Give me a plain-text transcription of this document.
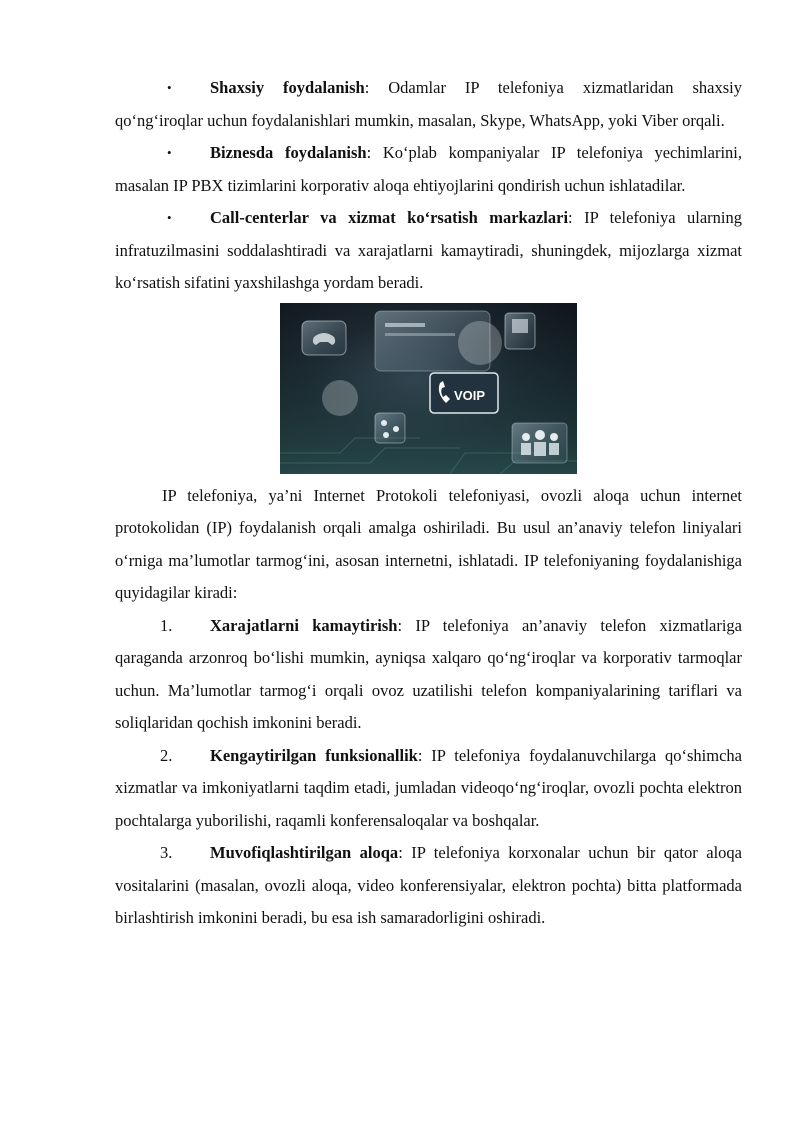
• Shaxsiy foydalanish: Odamlar IP telefoniya xizmatlaridan shaxsiy qo‘ng‘iroqlar uchun foydalanishlari mumkin, masalan, Skype, WhatsApp, yoki Viber orqali.

• Biznesda foydalanish: Ko‘plab kompaniyalar IP telefoniya yechimlarini, masalan IP PBX tizimlarini korporativ aloqa ehtiyojlarini qondirish uchun ishlatadilar.

• Call-centerlar va xizmat ko‘rsatish markazlari: IP telefoniya ularning infratuzilmasini soddalashtiradi va xarajatlarni kamaytiradi, shuningdek, mijozlarga xizmat ko‘rsatish sifatini yaxshilashga yordam beradi.

VOIP

IP telefoniya, ya’ni Internet Protokoli telefoniyasi, ovozli aloqa uchun internet protokolidan (IP) foydalanish orqali amalga oshiriladi. Bu usul an’anaviy telefon liniyalari o‘rniga ma’lumotlar tarmog‘ini, asosan internetni, ishlatadi. IP telefoniyaning foydalanishiga quyidagilar kiradi:

1. Xarajatlarni kamaytirish: IP telefoniya an’anaviy telefon xizmatlariga qaraganda arzonroq bo‘lishi mumkin, ayniqsa xalqaro qo‘ng‘iroqlar va korporativ tarmoqlar uchun. Ma’lumotlar tarmog‘i orqali ovoz uzatilishi telefon kompaniyalarining tariflari va soliqlaridan qochish imkonini beradi.

2. Kengaytirilgan funksionallik: IP telefoniya foydalanuvchilarga qo‘shimcha xizmatlar va imkoniyatlarni taqdim etadi, jumladan videoqo‘ng‘iroqlar, ovozli pochta elektron pochtalarga yuborilishi, raqamli konferensaloqalar va boshqalar.

3. Muvofiqlashtirilgan aloqa: IP telefoniya korxonalar uchun bir qator aloqa vositalarini (masalan, ovozli aloqa, video konferensiyalar, elektron pochta) bitta platformada birlashtirish imkonini beradi, bu esa ish samaradorligini oshiradi.
